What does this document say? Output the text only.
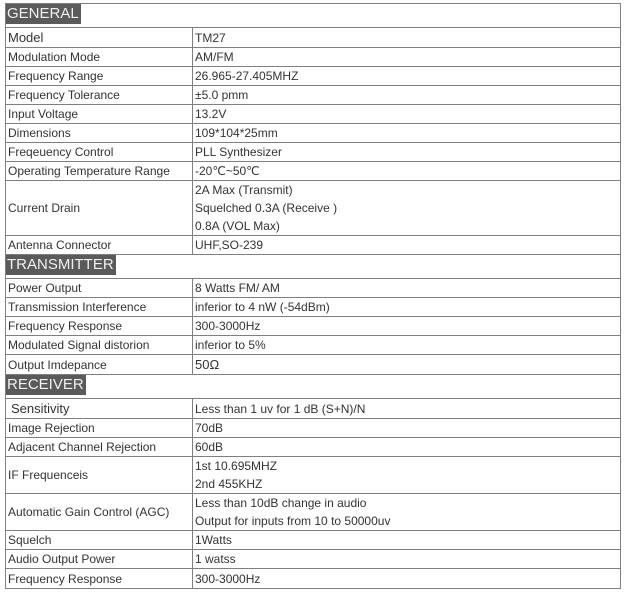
GENERAL	
Model	TM27
Modulation Mode	AM/FM
Frequency Range	26.965-27.405MHZ
Frequency Tolerance	±5.0 pmm
Input Voltage	13.2V
Dimensions	109*104*25mm
Freqeuency Control	PLL Synthesizer
Operating Temperature Range	-20℃~50℃
Current Drain	2A Max (Transmit)
Squelched 0.3A (Receive )
0.8A (VOL Max)

Antenna Connector	UHF,SO-239
TRANSMITTER	
Power Output	8 Watts FM/ AM
Transmission Interference	inferior to 4 nW (-54dBm)
Frequency Response	300-3000Hz
Modulated Signal distorion	inferior to 5%
Output Imdepance	50Ω
RECEIVER	
Sensitivity	Less than 1 uv for 1 dB (S+N)/N
Image Rejection	70dB
Adjacent Channel Rejection	60dB
IF Frequenceis	1st 10.695MHZ
2nd 455KHZ

Automatic Gain Control (AGC)	Less than 10dB change in audio
Output for inputs from 10 to 50000uv

Squelch	1Watts
Audio Output Power	1 watss
Frequency Response	300-3000Hz
